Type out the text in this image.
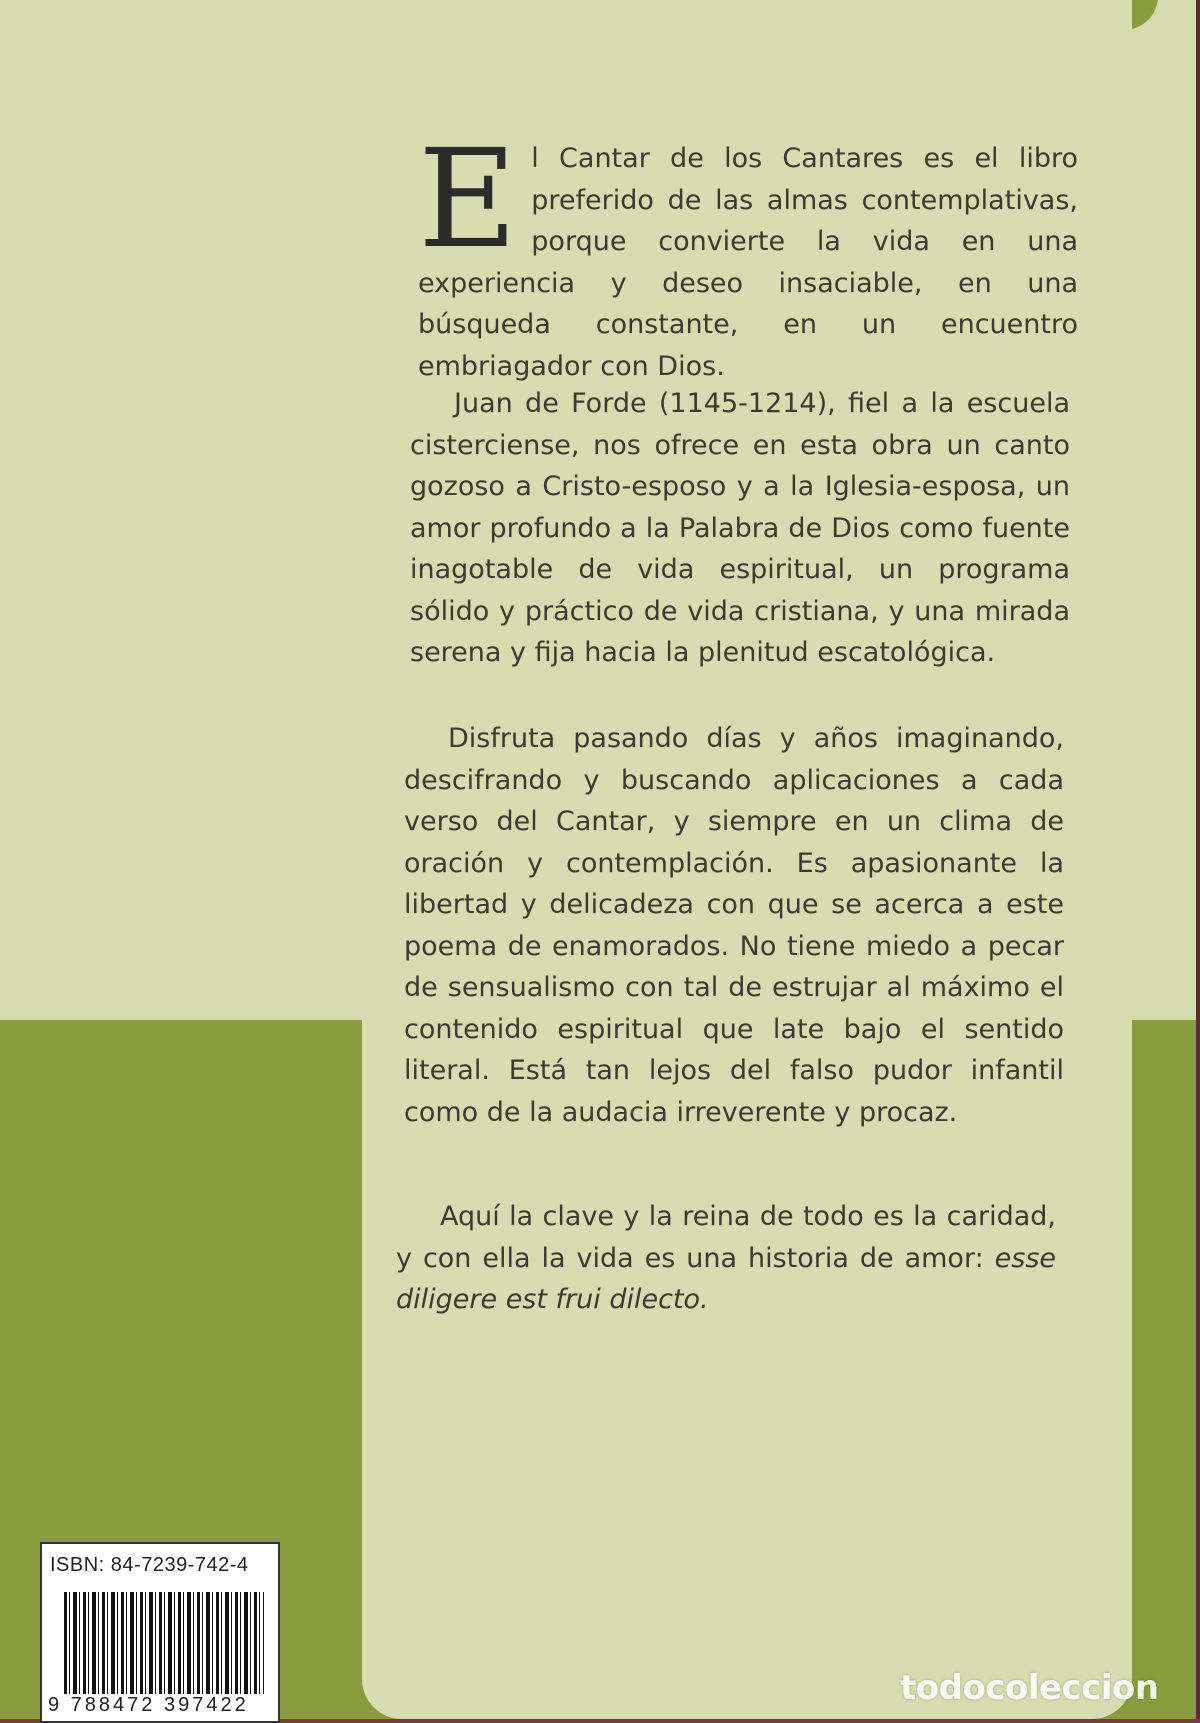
El Cantar de los Cantares es el libro preferido de las almas contemplativas, porque convierte la vida en una experiencia y deseo insaciable, en una búsqueda constante, en un encuentro embriagador con Dios.

Juan de Forde (1145-1214), fiel a la escuela cisterciense, nos ofrece en esta obra un canto gozoso a Cristo-esposo y a la Iglesia-esposa, un amor profundo a la Palabra de Dios como fuente inagotable de vida espiritual, un programa sólido y práctico de vida cristiana, y una mirada serena y fija hacia la plenitud escatológica.

Disfruta pasando días y años imaginando, descifrando y buscando aplicaciones a cada verso del Cantar, y siempre en un clima de oración y contemplación. Es apasionante la libertad y delicadeza con que se acerca a este poema de enamorados. No tiene miedo a pecar de sensualismo con tal de estrujar al máximo el contenido espiritual que late bajo el sentido literal. Está tan lejos del falso pudor infantil como de la audacia irreverente y procaz.

Aquí la clave y la reina de todo es la caridad, y con ella la vida es una historia de amor: esse diligere est frui dilecto.

ISBN: 84-7239-742-4
9 788472 397422	todocoleccion
